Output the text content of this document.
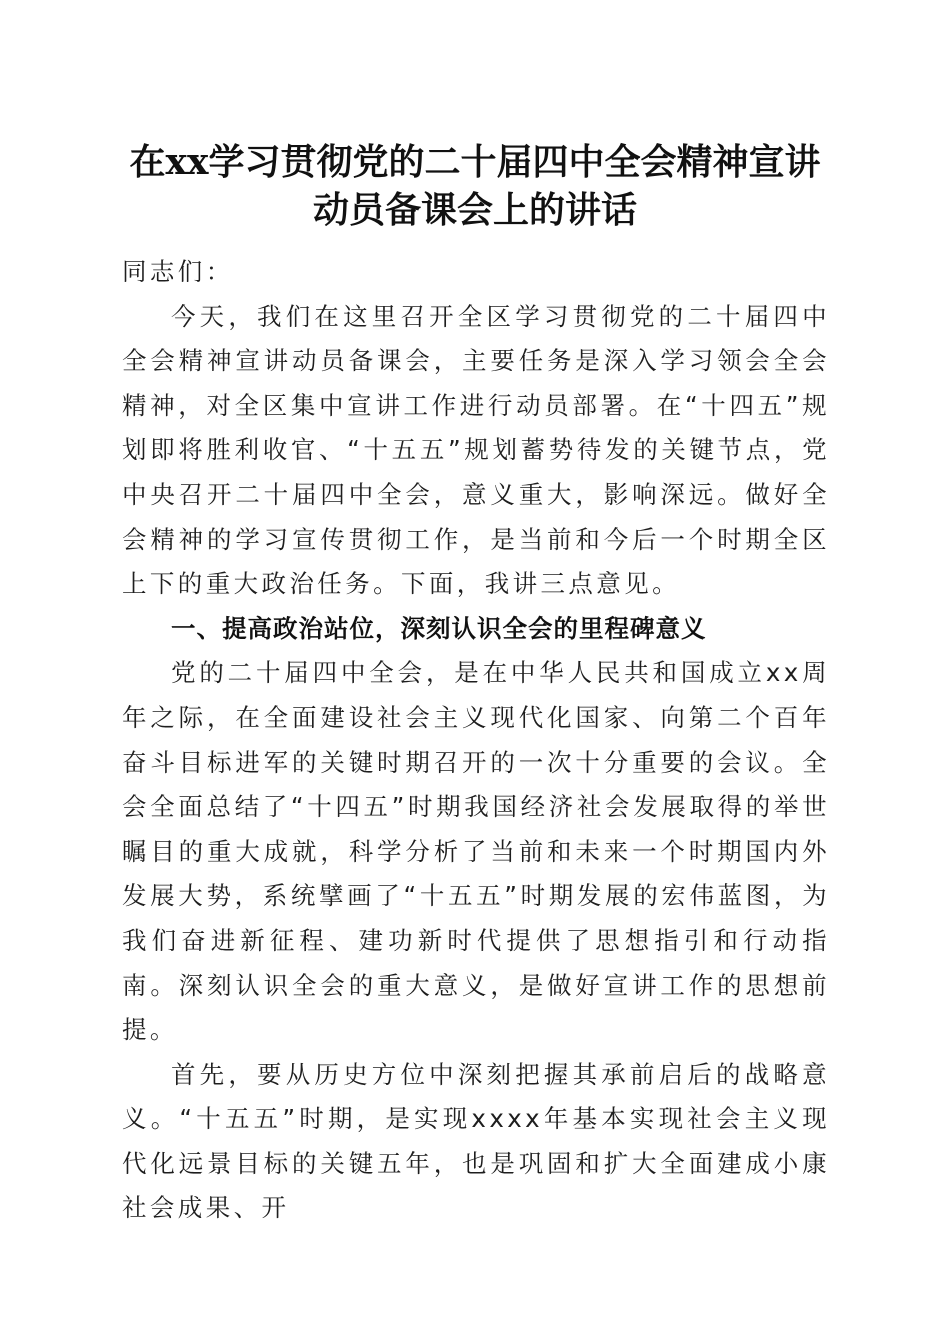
在xx学习贯彻党的二十届四中全会精神宣讲
动员备课会上的讲话

同志们：

今天，我们在这里召开全区学习贯彻党的二十届四中全会精神宣讲动员备课会，主要任务是深入学习领会全会精神，对全区集中宣讲工作进行动员部署。在“十四五”规划即将胜利收官、“十五五”规划蓄势待发的关键节点，党中央召开二十届四中全会，意义重大，影响深远。做好全会精神的学习宣传贯彻工作，是当前和今后一个时期全区上下的重大政治任务。下面，我讲三点意见。

一、提高政治站位，深刻认识全会的里程碑意义

党的二十届四中全会，是在中华人民共和国成立xx周年之际，在全面建设社会主义现代化国家、向第二个百年奋斗目标进军的关键时期召开的一次十分重要的会议。全会全面总结了“十四五”时期我国经济社会发展取得的举世瞩目的重大成就，科学分析了当前和未来一个时期国内外发展大势，系统擘画了“十五五”时期发展的宏伟蓝图，为我们奋进新征程、建功新时代提供了思想指引和行动指南。深刻认识全会的重大意义，是做好宣讲工作的思想前提。

首先，要从历史方位中深刻把握其承前启后的战略意义。“十五五”时期，是实现xxxx年基本实现社会主义现代化远景目标的关键五年，也是巩固和扩大全面建成小康社会成果、开
